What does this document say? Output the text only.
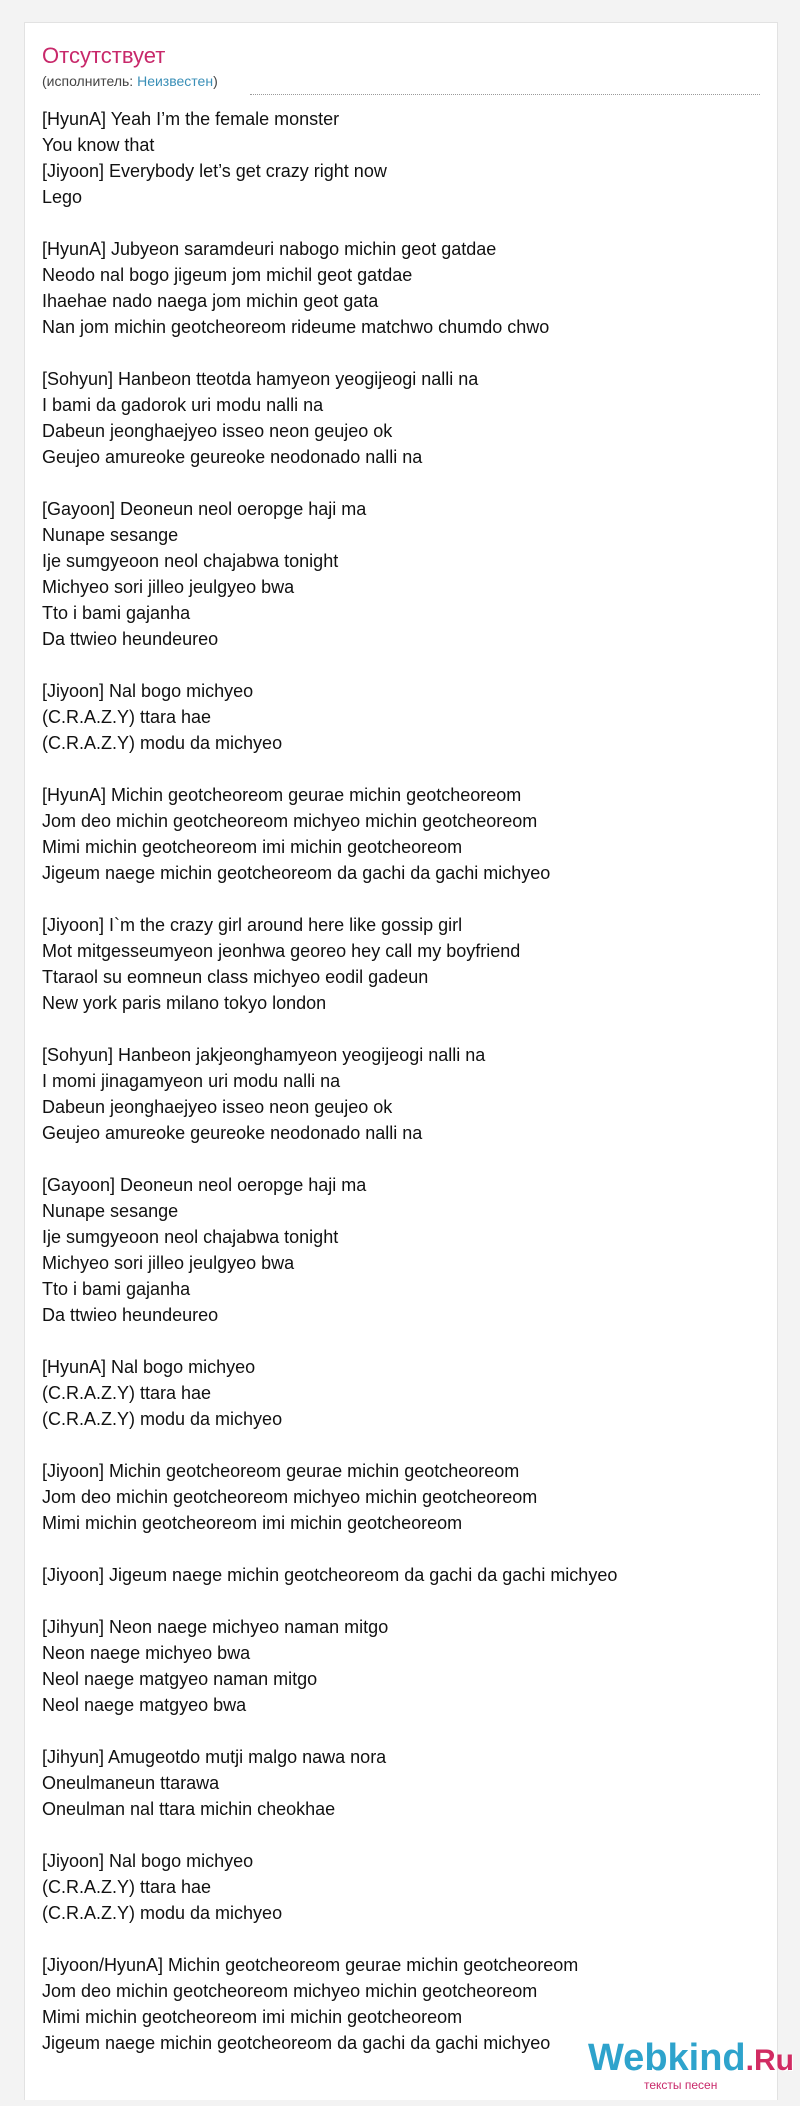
Отсутствует
(исполнитель: Неизвестен)
[HyunA] Yeah I’m the female monster
You know that
[Jiyoon] Everybody let’s get crazy right now
Lego
[HyunA] Jubyeon saramdeuri nabogo michin geot gatdae
Neodo nal bogo jigeum jom michil geot gatdae
Ihaehae nado naega jom michin geot gata
Nan jom michin geotcheoreom rideume matchwo chumdo chwo
[Sohyun] Hanbeon tteotda hamyeon yeogijeogi nalli na
I bami da gadorok uri modu nalli na
Dabeun jeonghaejyeo isseo neon geujeo ok
Geujeo amureoke geureoke neodonado nalli na
[Gayoon] Deoneun neol oeropge haji ma
Nunape sesange
Ije sumgyeoon neol chajabwa tonight
Michyeo sori jilleo jeulgyeo bwa
Tto i bami gajanha
Da ttwieo heundeureo
[Jiyoon] Nal bogo michyeo
(C.R.A.Z.Y) ttara hae
(C.R.A.Z.Y) modu da michyeo
[HyunA] Michin geotcheoreom geurae michin geotcheoreom
Jom deo michin geotcheoreom michyeo michin geotcheoreom
Mimi michin geotcheoreom imi michin geotcheoreom
Jigeum naege michin geotcheoreom da gachi da gachi michyeo
[Jiyoon] I`m the crazy girl around here like gossip girl
Mot mitgesseumyeon jeonhwa georeo hey call my boyfriend
Ttaraol su eomneun class michyeo eodil gadeun
New york paris milano tokyo london
[Sohyun] Hanbeon jakjeonghamyeon yeogijeogi nalli na
I momi jinagamyeon uri modu nalli na
Dabeun jeonghaejyeo isseo neon geujeo ok
Geujeo amureoke geureoke neodonado nalli na
[Gayoon] Deoneun neol oeropge haji ma
Nunape sesange
Ije sumgyeoon neol chajabwa tonight
Michyeo sori jilleo jeulgyeo bwa
Tto i bami gajanha
Da ttwieo heundeureo
[HyunA] Nal bogo michyeo
(C.R.A.Z.Y) ttara hae
(C.R.A.Z.Y) modu da michyeo
[Jiyoon] Michin geotcheoreom geurae michin geotcheoreom
Jom deo michin geotcheoreom michyeo michin geotcheoreom
Mimi michin geotcheoreom imi michin geotcheoreom
[Jiyoon] Jigeum naege michin geotcheoreom da gachi da gachi michyeo
[Jihyun] Neon naege michyeo naman mitgo
Neon naege michyeo bwa
Neol naege matgyeo naman mitgo
Neol naege matgyeo bwa
[Jihyun] Amugeotdo mutji malgo nawa nora
Oneulmaneun ttarawa
Oneulman nal ttara michin cheokhae
[Jiyoon] Nal bogo michyeo
(C.R.A.Z.Y) ttara hae
(C.R.A.Z.Y) modu da michyeo
[Jiyoon/HyunA] Michin geotcheoreom geurae michin geotcheoreom
Jom deo michin geotcheoreom michyeo michin geotcheoreom
Mimi michin geotcheoreom imi michin geotcheoreom
Jigeum naege michin geotcheoreom da gachi da gachi michyeo Webkind.Ru
тексты песен
